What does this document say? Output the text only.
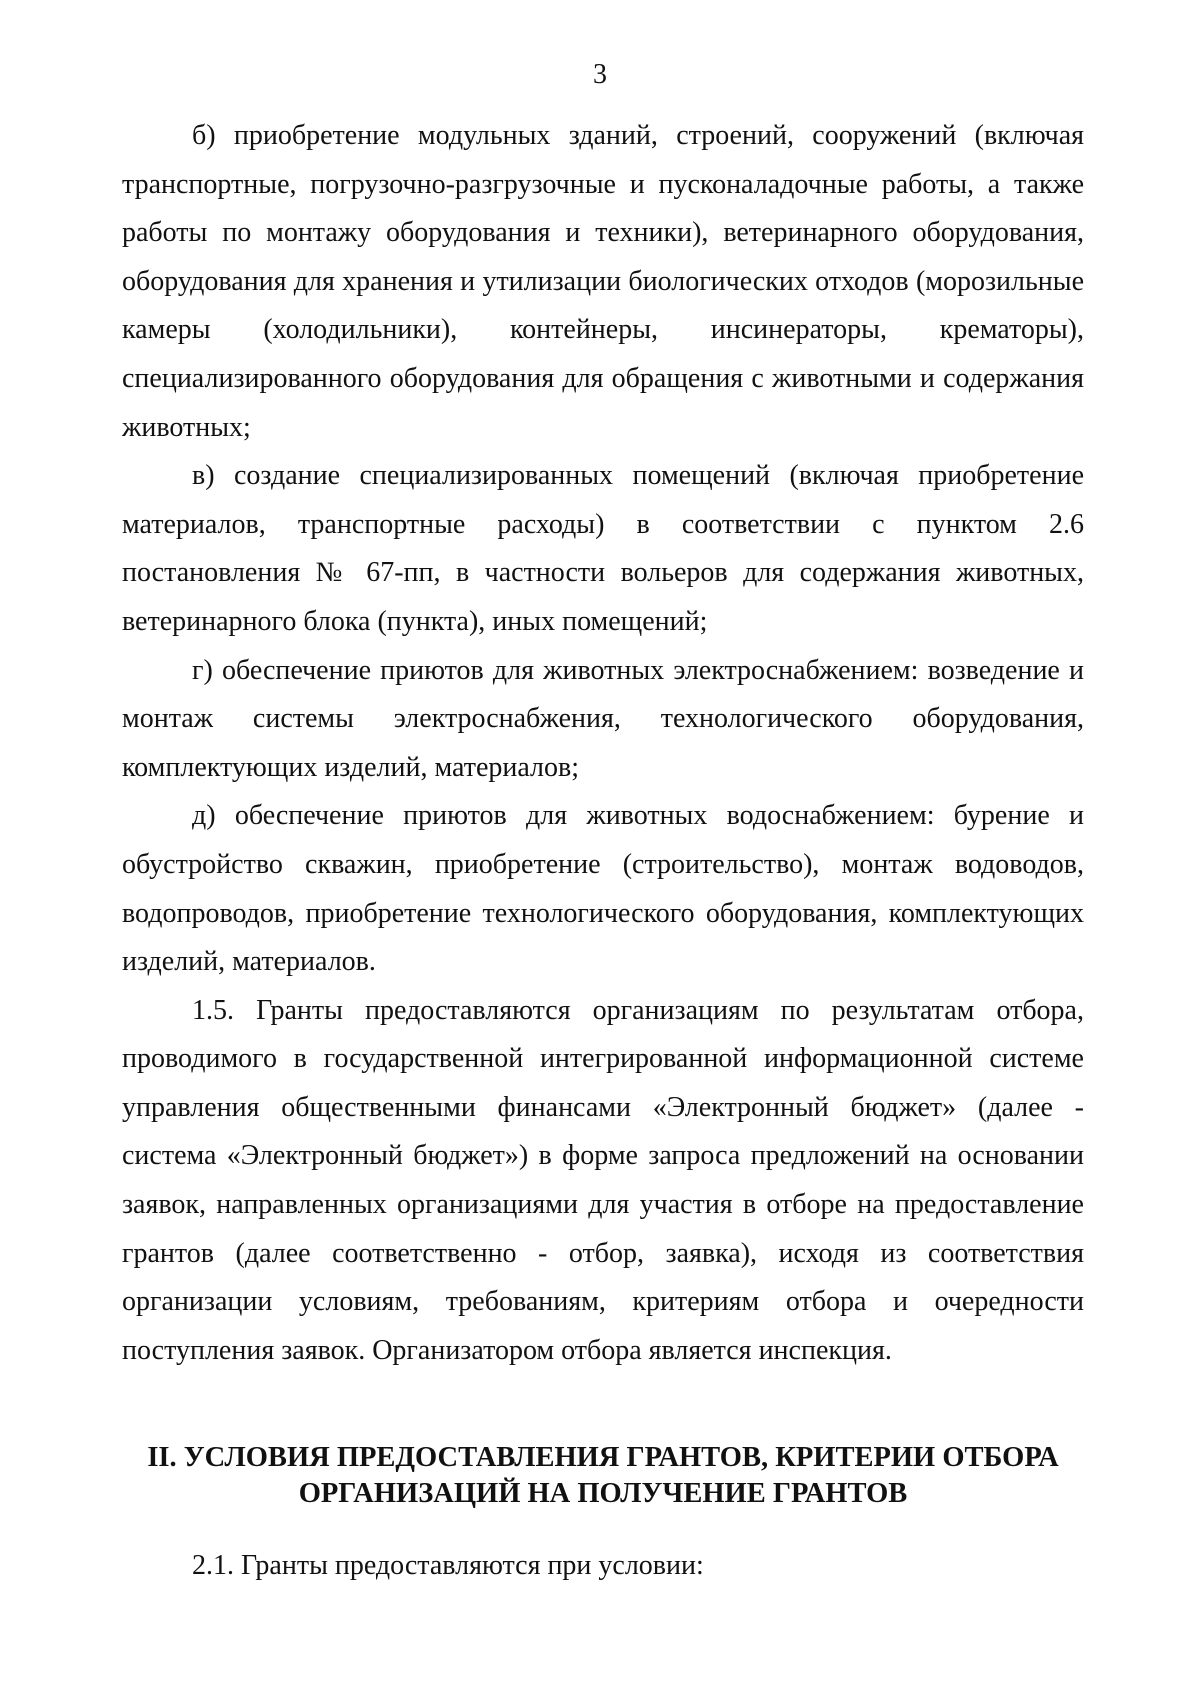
3

б) приобретение модульных зданий, строений, сооружений (включая транспортные, погрузочно-разгрузочные и пусконаладочные работы, а также работы по монтажу оборудования и техники), ветеринарного оборудования, оборудования для хранения и утилизации биологических отходов (морозильные камеры (холодильники), контейнеры, инсинераторы, крематоры), специализированного оборудования для обращения с животными и содержания животных;

в) создание специализированных помещений (включая приобретение материалов, транспортные расходы) в соответствии с пунктом 2.6 постановления № 67-пп, в частности вольеров для содержания животных, ветеринарного блока (пункта), иных помещений;

г) обеспечение приютов для животных электроснабжением: возведение и монтаж системы электроснабжения, технологического оборудования, комплектующих изделий, материалов;

д) обеспечение приютов для животных водоснабжением: бурение и обустройство скважин, приобретение (строительство), монтаж водоводов, водопроводов, приобретение технологического оборудования, комплектующих изделий, материалов.

1.5. Гранты предоставляются организациям по результатам отбора, проводимого в государственной интегрированной информационной системе управления общественными финансами «Электронный бюджет» (далее - система «Электронный бюджет») в форме запроса предложений на основании заявок, направленных организациями для участия в отборе на предоставление грантов (далее соответственно - отбор, заявка), исходя из соответствия организации условиям, требованиям, критериям отбора и очередности поступления заявок. Организатором отбора является инспекция.

II. УСЛОВИЯ ПРЕДОСТАВЛЕНИЯ ГРАНТОВ, КРИТЕРИИ ОТБОРА
ОРГАНИЗАЦИЙ НА ПОЛУЧЕНИЕ ГРАНТОВ
2.1. Гранты предоставляются при условии:
